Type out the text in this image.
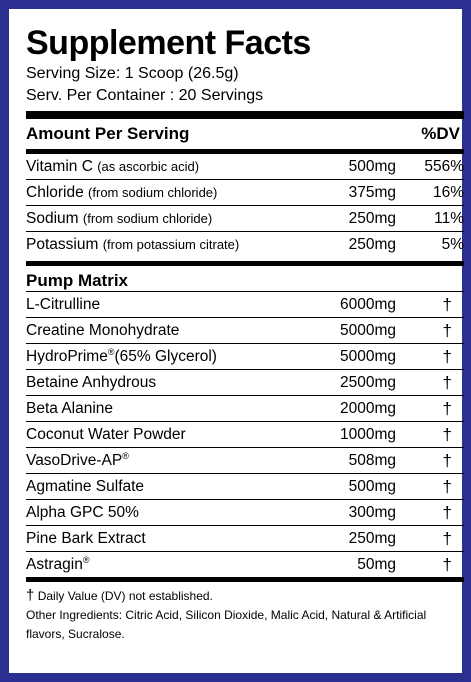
Supplement Facts
Serving Size: 1 Scoop (26.5g)
Serv. Per Container : 20 Servings
Amount Per Serving	%DV
Vitamin C (as ascorbic acid)	500mg	556%
Chloride (from sodium chloride)	375mg	16%
Sodium (from sodium chloride)	250mg	11%
Potassium (from potassium citrate)	250mg	5%
Pump Matrix
L-Citrulline	6000mg	†
Creatine Monohydrate	5000mg	†
HydroPrime®(65% Glycerol)	5000mg	†
Betaine Anhydrous	2500mg	†
Beta Alanine	2000mg	†
Coconut Water Powder	1000mg	†
VasoDrive-AP®	508mg	†
Agmatine Sulfate	500mg	†
Alpha GPC 50%	300mg	†
Pine Bark Extract	250mg	†
Astragin®	50mg	†
† Daily Value (DV) not established.
Other Ingredients: Citric Acid, Silicon Dioxide, Malic Acid, Natural & Artificial flavors, Sucralose.
